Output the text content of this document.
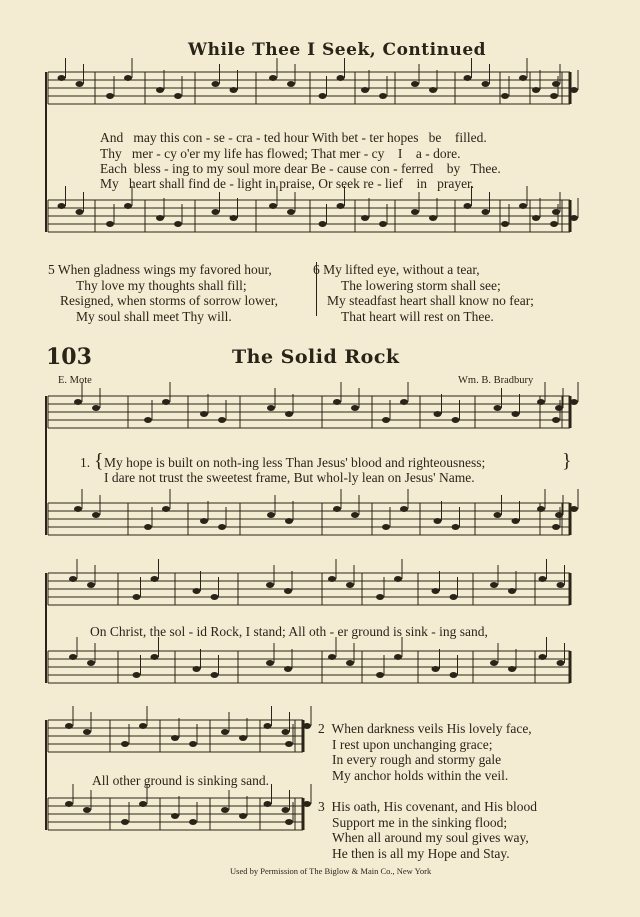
While Thee I Seek, Continued
And may this con - se - cra - ted hour With bet - ter hopes be filled.
Thy mer - cy o'er my life has flowed; That mer - cy I a - dore.
Each bless - ing to my soul more dear Be - cause con - ferred by Thee.
My heart shall find de - light in praise, Or seek re - lief in prayer.
5 When gladness wings my favored hour,
Thy love my thoughts shall fill;
Resigned, when storms of sorrow lower,
My soul shall meet Thy will.
6 My lifted eye, without a tear,
The lowering storm shall see;
My steadfast heart shall know no fear;
That heart will rest on Thee.
103	The Solid Rock
E. Mote	Wm. B. Bradbury
1. { My hope is built on noth-ing less Than Jesus' blood and righteousness;
I dare not trust the sweetest frame, But whol-ly lean on Jesus' Name.
}
On Christ, the sol - id Rock, I stand; All oth - er ground is sink - ing sand,
All other ground is sinking sand.
2 When darkness veils His lovely face,
I rest upon unchanging grace;
In every rough and stormy gale
My anchor holds within the veil.
3 His oath, His covenant, and His blood
Support me in the sinking flood;
When all around my soul gives way,
He then is all my Hope and Stay.
Used by Permission of The Biglow & Main Co., New York
